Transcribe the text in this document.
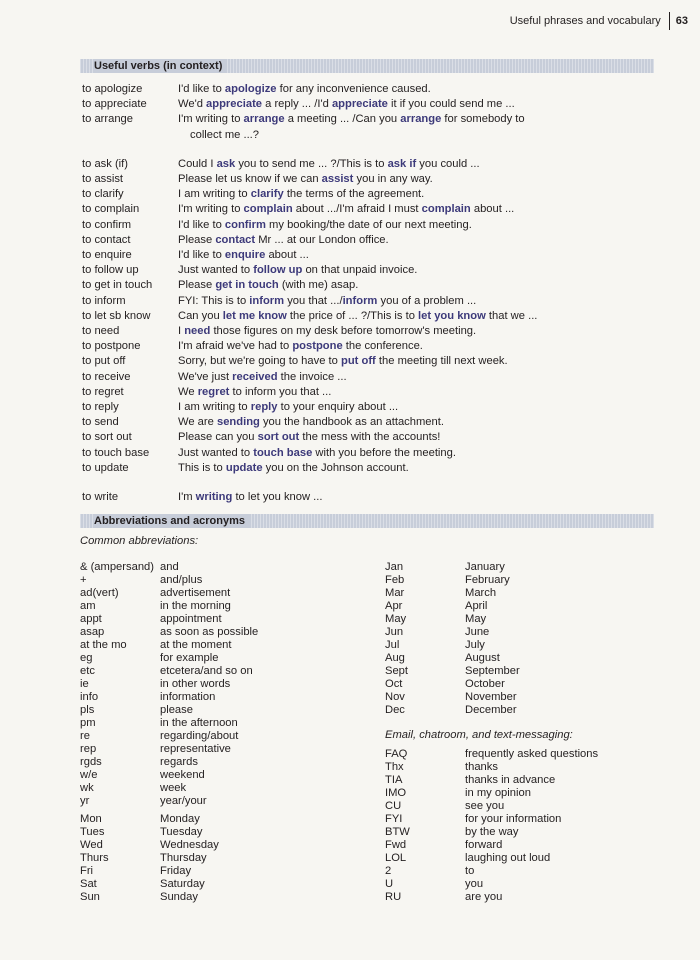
Useful phrases and vocabulary 63
Useful verbs (in context)
to apologize	I'd like to apologize for any inconvenience caused.
to appreciate	We'd appreciate a reply ... /I'd appreciate it if you could send me ...
to arrange	I'm writing to arrange a meeting ... /Can you arrange for somebody to
collect me ...?
to ask (if)	Could I ask you to send me ... ?/This is to ask if you could ...
to assist	Please let us know if we can assist you in any way.
to clarify	I am writing to clarify the terms of the agreement.
to complain	I'm writing to complain about .../I'm afraid I must complain about ...
to confirm	I'd like to confirm my booking/the date of our next meeting.
to contact	Please contact Mr ... at our London office.
to enquire	I'd like to enquire about ...
to follow up	Just wanted to follow up on that unpaid invoice.
to get in touch	Please get in touch (with me) asap.
to inform	FYI: This is to inform you that .../inform you of a problem ...
to let sb know	Can you let me know the price of ... ?/This is to let you know that we ...
to need	I need those figures on my desk before tomorrow's meeting.
to postpone	I'm afraid we've had to postpone the conference.
to put off	Sorry, but we're going to have to put off the meeting till next week.
to receive	We've just received the invoice ...
to regret	We regret to inform you that ...
to reply	I am writing to reply to your enquiry about ...
to send	We are sending you the handbook as an attachment.
to sort out	Please can you sort out the mess with the accounts!
to touch base	Just wanted to touch base with you before the meeting.
to update	This is to update you on the Johnson account.
to write	I'm writing to let you know ...
Abbreviations and acronyms
Common abbreviations:
& (ampersand) and
+	and/plus
ad(vert)	advertisement
am	in the morning
appt	appointment
asap	as soon as possible
at the mo	at the moment
eg	for example
etc	etcetera/and so on
ie	in other words
info	information
pls	please
pm	in the afternoon
re	regarding/about
rep	representative
rgds	regards
w/e	weekend
wk	week
yr	year/your
Mon	Monday
Tues	Tuesday
Wed	Wednesday
Thurs	Thursday
Fri	Friday
Sat	Saturday
Sun	Sunday
Jan	January
Feb	February
Mar	March
Apr	April
May	May
Jun	June
Jul	July
Aug	August
Sept	September
Oct	October
Nov	November
Dec	December
Email, chatroom, and text-messaging:
FAQ	frequently asked questions
Thx	thanks
TIA	thanks in advance
IMO	in my opinion
CU	see you
FYI	for your information
BTW	by the way
Fwd	forward
LOL	laughing out loud
2	to
U	you
RU	are you
